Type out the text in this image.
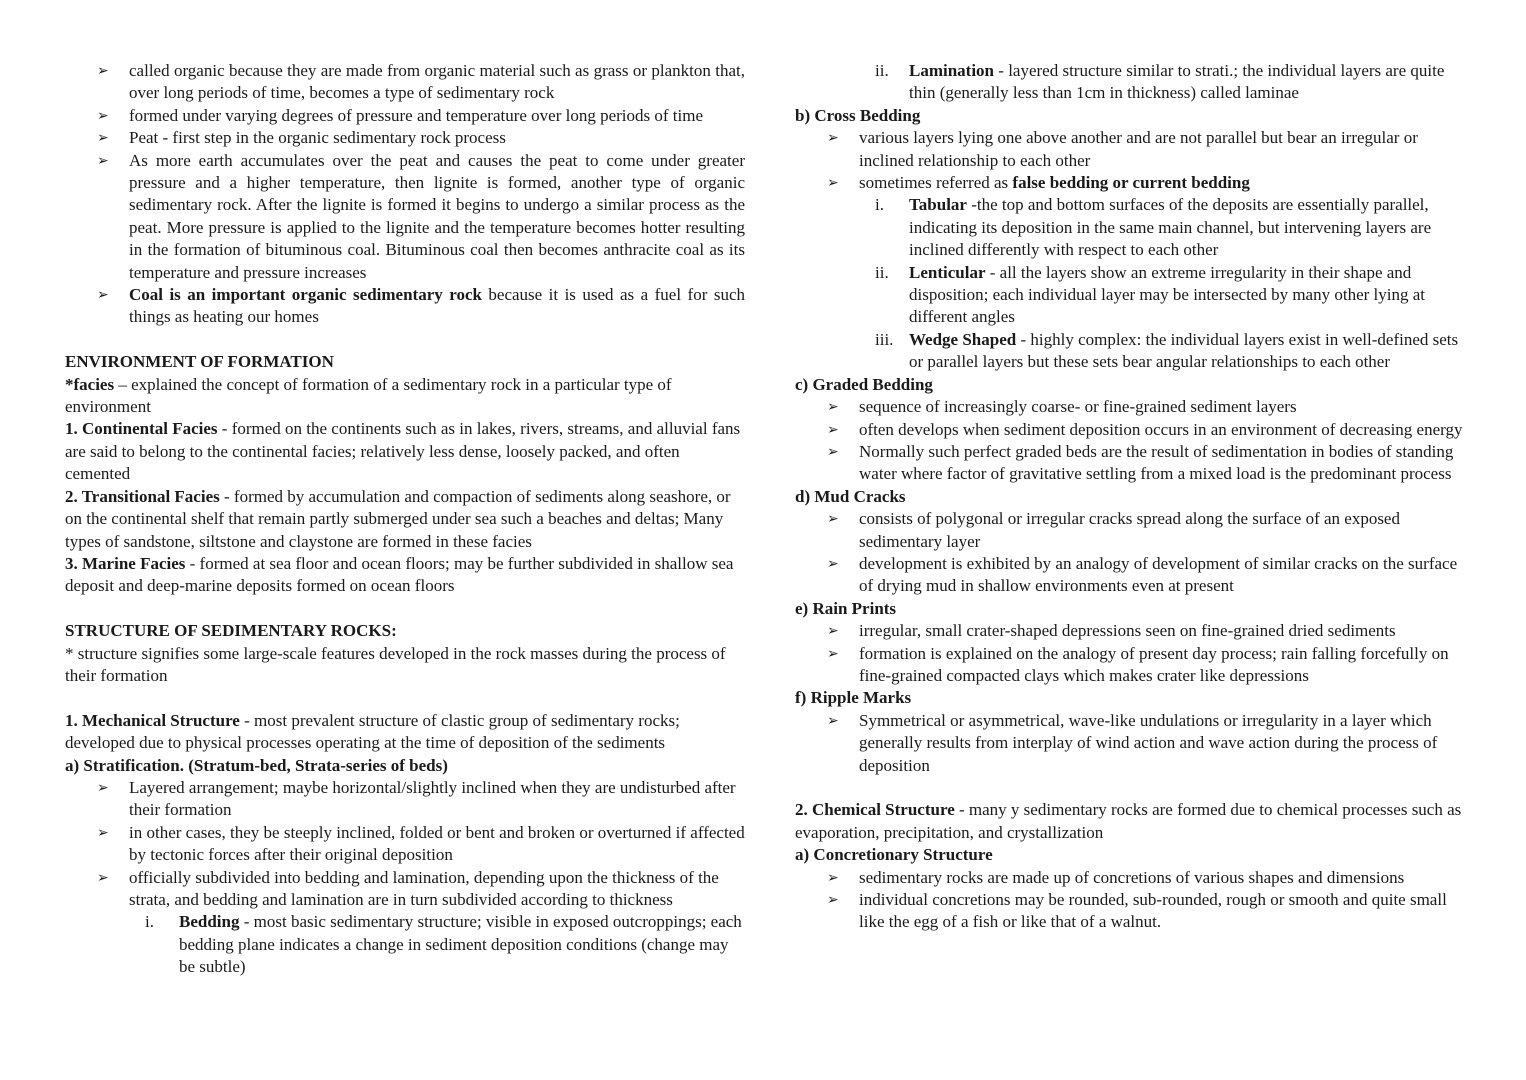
➢ called organic because they are made from organic material such as grass or plankton that, over long periods of time, becomes a type of sedimentary rock
➢ formed under varying degrees of pressure and temperature over long periods of time
➢ Peat - first step in the organic sedimentary rock process
➢ As more earth accumulates over the peat and causes the peat to come under greater pressure and a higher temperature, then lignite is formed, another type of organic sedimentary rock. After the lignite is formed it begins to undergo a similar process as the peat. More pressure is applied to the lignite and the temperature becomes hotter resulting in the formation of bituminous coal. Bituminous coal then becomes anthracite coal as its temperature and pressure increases
➢ Coal is an important organic sedimentary rock because it is used as a fuel for such things as heating our homes
ENVIRONMENT OF FORMATION
*facies – explained the concept of formation of a sedimentary rock in a particular type of environment
1. Continental Facies - formed on the continents such as in lakes, rivers, streams, and alluvial fans are said to belong to the continental facies; relatively less dense, loosely packed, and often cemented
2. Transitional Facies - formed by accumulation and compaction of sediments along seashore, or on the continental shelf that remain partly submerged under sea such a beaches and deltas; Many types of sandstone, siltstone and claystone are formed in these facies
3. Marine Facies - formed at sea floor and ocean floors; may be further subdivided in shallow sea deposit and deep-marine deposits formed on ocean floors
STRUCTURE OF SEDIMENTARY ROCKS:
* structure signifies some large-scale features developed in the rock masses during the process of their formation
1. Mechanical Structure - most prevalent structure of clastic group of sedimentary rocks; developed due to physical processes operating at the time of deposition of the sediments
a) Stratification. (Stratum-bed, Strata-series of beds)
➢ Layered arrangement; maybe horizontal/slightly inclined when they are undisturbed after their formation
➢ in other cases, they be steeply inclined, folded or bent and broken or overturned if affected by tectonic forces after their original deposition
➢ officially subdivided into bedding and lamination, depending upon the thickness of the strata, and bedding and lamination are in turn subdivided according to thickness
i. Bedding - most basic sedimentary structure; visible in exposed outcroppings; each bedding plane indicates a change in sediment deposition conditions (change may be subtle)
ii. Lamination - layered structure similar to strati.; the individual layers are quite thin (generally less than 1cm in thickness) called laminae
b) Cross Bedding
➢ various layers lying one above another and are not parallel but bear an irregular or inclined relationship to each other
➢ sometimes referred as false bedding or current bedding
i. Tabular -the top and bottom surfaces of the deposits are essentially parallel, indicating its deposition in the same main channel, but intervening layers are inclined differently with respect to each other
ii. Lenticular - all the layers show an extreme irregularity in their shape and disposition; each individual layer may be intersected by many other lying at different angles
iii. Wedge Shaped - highly complex: the individual layers exist in well-defined sets or parallel layers but these sets bear angular relationships to each other
c) Graded Bedding
➢ sequence of increasingly coarse- or fine-grained sediment layers
➢ often develops when sediment deposition occurs in an environment of decreasing energy
➢ Normally such perfect graded beds are the result of sedimentation in bodies of standing water where factor of gravitative settling from a mixed load is the predominant process
d) Mud Cracks
➢ consists of polygonal or irregular cracks spread along the surface of an exposed sedimentary layer
➢ development is exhibited by an analogy of development of similar cracks on the surface of drying mud in shallow environments even at present
e) Rain Prints
➢ irregular, small crater-shaped depressions seen on fine-grained dried sediments
➢ formation is explained on the analogy of present day process; rain falling forcefully on fine-grained compacted clays which makes crater like depressions
f) Ripple Marks
➢ Symmetrical or asymmetrical, wave-like undulations or irregularity in a layer which generally results from interplay of wind action and wave action during the process of deposition
2. Chemical Structure - many y sedimentary rocks are formed due to chemical processes such as evaporation, precipitation, and crystallization
a) Concretionary Structure
➢ sedimentary rocks are made up of concretions of various shapes and dimensions
➢ individual concretions may be rounded, sub-rounded, rough or smooth and quite small like the egg of a fish or like that of a walnut.
